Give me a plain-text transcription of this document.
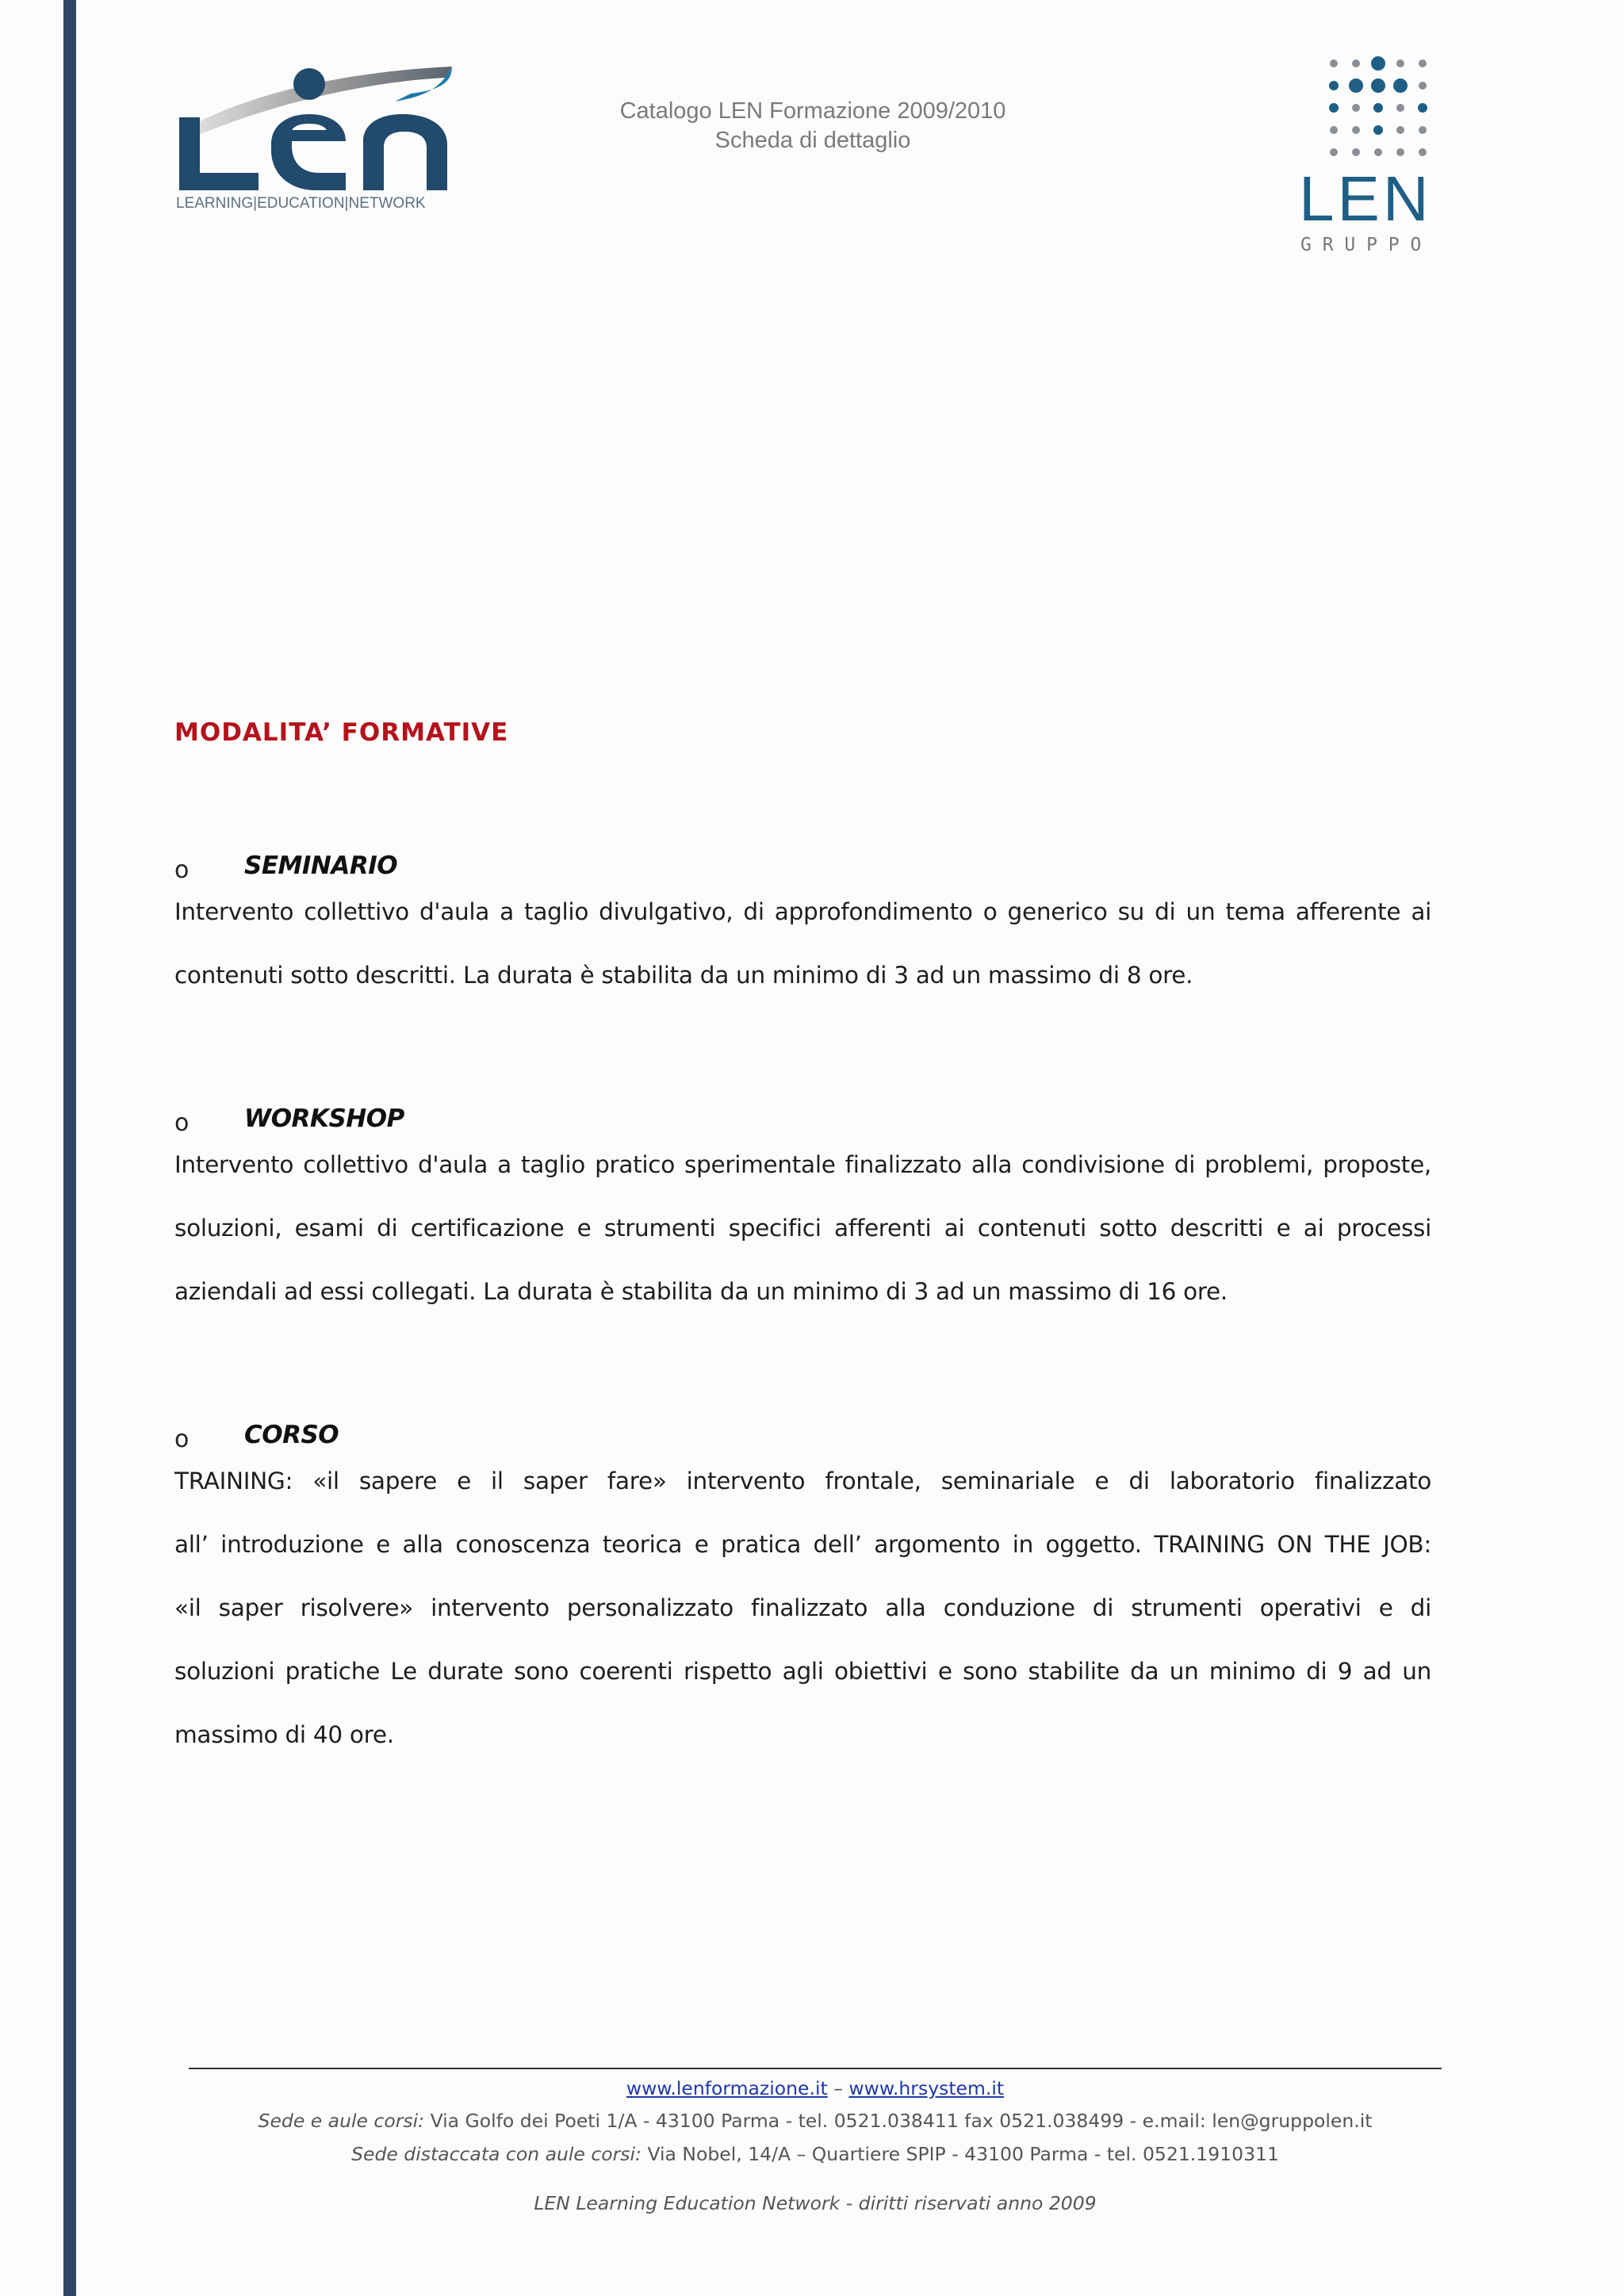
LEARNING|EDUCATION|NETWORK
Catalogo LEN Formazione 2009/2010
Scheda di dettaglio
LEN
G R U P P O
MODALITA’ FORMATIVE
o SEMINARIO
Intervento collettivo d'aula a taglio divulgativo, di approfondimento o generico su di un tema afferente ai
contenuti sotto descritti. La durata è stabilita da un minimo di 3 ad un massimo di 8 ore.
o WORKSHOP
Intervento collettivo d'aula a taglio pratico sperimentale finalizzato alla condivisione di problemi, proposte,
soluzioni, esami di certificazione e strumenti specifici afferenti ai contenuti sotto descritti e ai processi
aziendali ad essi collegati. La durata è stabilita da un minimo di 3 ad un massimo di 16 ore.
o CORSO
TRAINING: «il sapere e il saper fare» intervento frontale, seminariale e di laboratorio finalizzato
all’ introduzione e alla conoscenza teorica e pratica dell’ argomento in oggetto. TRAINING ON THE JOB:
«il saper risolvere» intervento personalizzato finalizzato alla conduzione di strumenti operativi e di
soluzioni pratiche Le durate sono coerenti rispetto agli obiettivi e sono stabilite da un minimo di 9 ad un
massimo di 40 ore.
www.lenformazione.it – www.hrsystem.it
Sede e aule corsi: Via Golfo dei Poeti 1/A - 43100 Parma - tel. 0521.038411 fax 0521.038499 - e.mail: len@gruppolen.it
Sede distaccata con aule corsi: Via Nobel, 14/A – Quartiere SPIP - 43100 Parma - tel. 0521.1910311
LEN Learning Education Network - diritti riservati anno 2009
